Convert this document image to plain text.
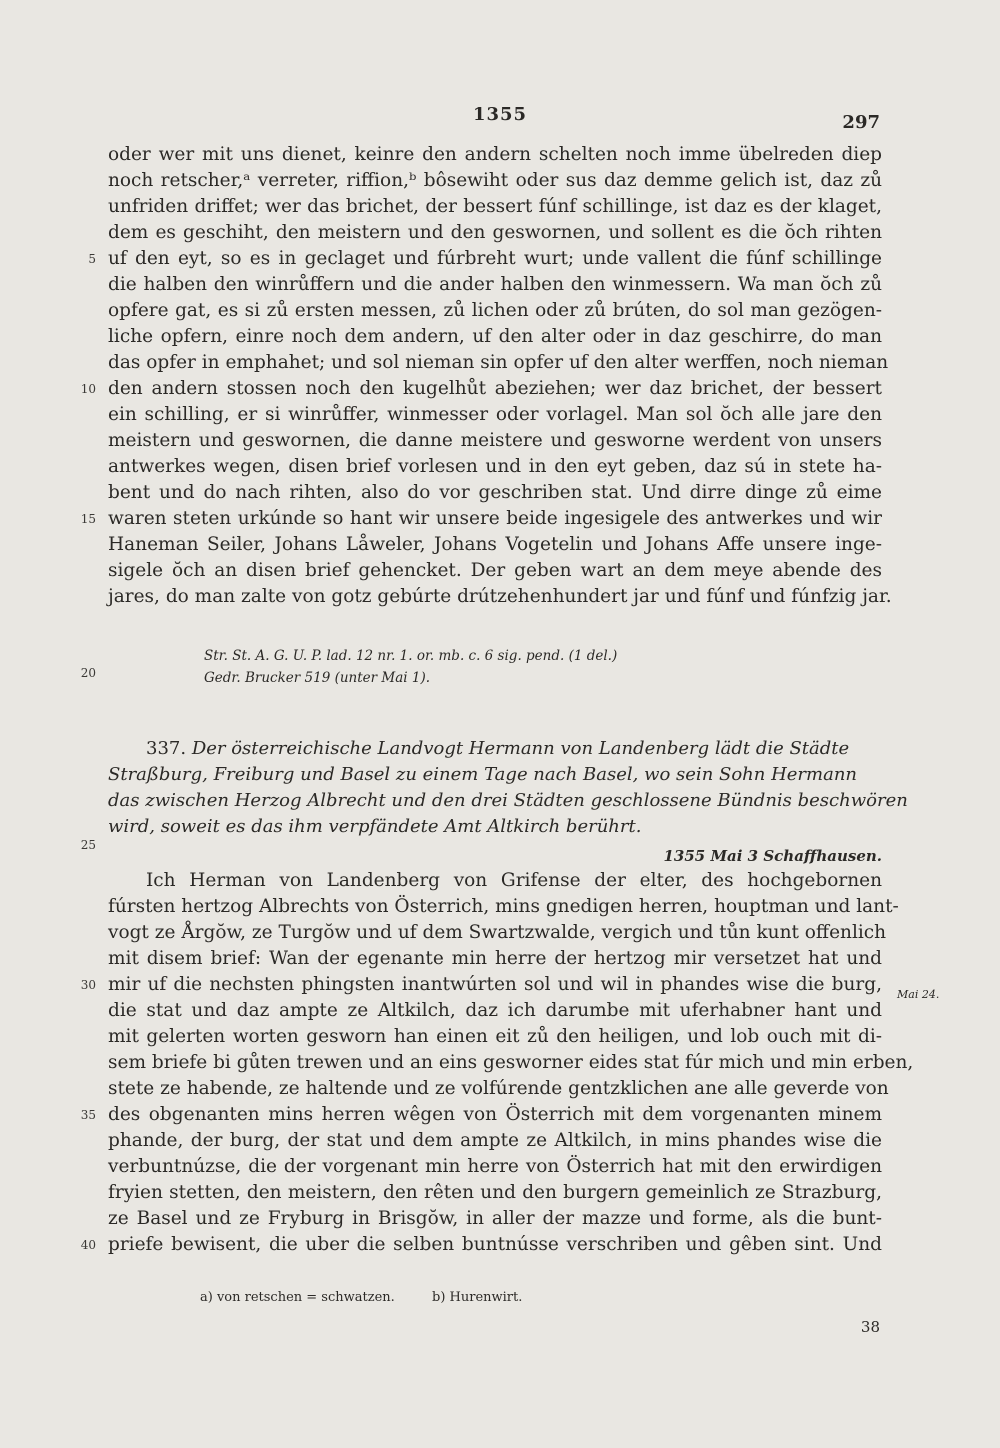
1355	297
oder wer mit uns dienet, keinre den andern schelten noch imme übelreden diep
noch retscher,ᵃ verreter, riffion,ᵇ bôsewiht oder sus daz demme gelich ist, daz zů
unfriden driffet; wer das brichet, der bessert fúnf schillinge, ist daz es der klaget,
dem es geschiht, den meistern und den geswornen, und sollent es die ŏch rihten
uf den eyt, so es in geclaget und fúrbreht wurt; unde vallent die fúnf schillinge
die halben den winrůffern und die ander halben den winmessern. Wa man ŏch zů
opfere gat, es si zů ersten messen, zů lichen oder zů brúten, do sol man gezögen-
liche opfern, einre noch dem andern, uf den alter oder in daz geschirre, do man
das opfer in emphahet; und sol nieman sin opfer uf den alter werffen, noch nieman
den andern stossen noch den kugelhůt abeziehen; wer daz brichet, der bessert
ein schilling, er si winrůffer, winmesser oder vorlagel. Man sol ŏch alle jare den
meistern und geswornen, die danne meistere und gesworne werdent von unsers
antwerkes wegen, disen brief vorlesen und in den eyt geben, daz sú in stete ha-
bent und do nach rihten, also do vor geschriben stat. Und dirre dinge zů eime
waren steten urkúnde so hant wir unsere beide ingesigele des antwerkes und wir
Haneman Seiler, Johans Låweler, Johans Vogetelin und Johans Affe unsere inge-
sigele ŏch an disen brief gehencket. Der geben wart an dem meye abende des
jares, do man zalte von gotz gebúrte drútzehenhundert jar und fúnf und fúnfzig jar.
Str. St. A. G. U. P. lad. 12 nr. 1. or. mb. c. 6 sig. pend. (1 del.)
Gedr. Brucker 519 (unter Mai 1).
337. Der österreichische Landvogt Hermann von Landenberg lädt die Städte
Straßburg, Freiburg und Basel zu einem Tage nach Basel, wo sein Sohn Hermann
das zwischen Herzog Albrecht und den drei Städten geschlossene Bündnis beschwören
wird, soweit es das ihm verpfändete Amt Altkirch berührt.
1355 Mai 3 Schaffhausen.
Ich Herman von Landenberg von Grifense der elter, des hochgebornen
fúrsten hertzog Albrechts von Österrich, mins gnedigen herren, houptman und lant-
vogt ze Årgŏw, ze Turgŏw und uf dem Swartzwalde, vergich und tůn kunt offenlich
mit disem brief: Wan der egenante min herre der hertzog mir versetzet hat und
mir uf die nechsten phingsten inantwúrten sol und wil in phandes wise die burg,
die stat und daz ampte ze Altkilch, daz ich darumbe mit uferhabner hant und
mit gelerten worten gesworn han einen eit zů den heiligen, und lob ouch mit di-
sem briefe bi gůten trewen und an eins gesworner eides stat fúr mich und min erben,
stete ze habende, ze haltende und ze volfúrende gentzklichen ane alle geverde von
des obgenanten mins herren wêgen von Österrich mit dem vorgenanten minem
phande, der burg, der stat und dem ampte ze Altkilch, in mins phandes wise die
verbuntnúzse, die der vorgenant min herre von Österrich hat mit den erwirdigen
fryien stetten, den meistern, den rêten und den burgern gemeinlich ze Strazburg,
ze Basel und ze Fryburg in Brisgŏw, in aller der mazze und forme, als die bunt-
priefe bewisent, die uber die selben buntnússe verschriben und gêben sint. Und
5
10
15
20
25
30
35
40
Mai 24.
a) von retschen = schwatzen.	b) Hurenwirt.
38
